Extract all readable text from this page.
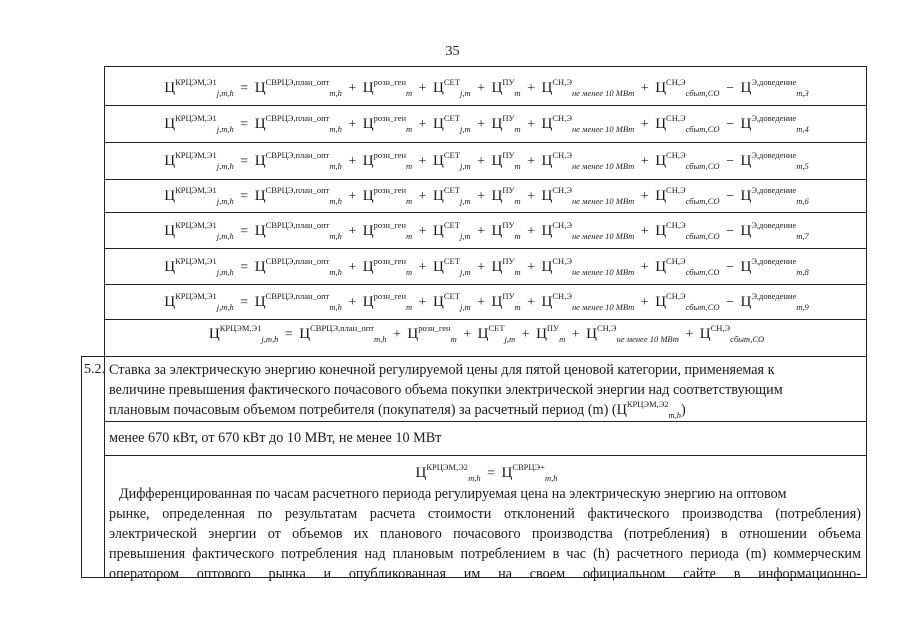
35
$Ц^{КРЦЭМ,Э1}_{j,m,h} = Ц^{СВРЦЭ,план\_опт}_{m,h} + Ц^{розн\_ген}_m + Ц^{СЕТ}_{j,m} + Ц^{ПУ}_m + Ц^{СН,Э}_{не менее 10 МВт} + Ц^{СН,Э}_{сбыт,СО} - Ц^{Э,доведение}_{m,3}$
$Ц^{КРЦЭМ,Э1}_{j,m,h} = Ц^{СВРЦЭ,план\_опт}_{m,h} + Ц^{розн\_ген}_m + Ц^{СЕТ}_{j,m} + Ц^{ПУ}_m + Ц^{СН,Э}_{не менее 10 МВт} + Ц^{СН,Э}_{сбыт,СО} - Ц^{Э,доведение}_{m,4}$
$Ц^{КРЦЭМ,Э1}_{j,m,h} = Ц^{СВРЦЭ,план\_опт}_{m,h} + Ц^{розн\_ген}_m + Ц^{СЕТ}_{j,m} + Ц^{ПУ}_m + Ц^{СН,Э}_{не менее 10 МВт} + Ц^{СН,Э}_{сбыт,СО} - Ц^{Э,доведение}_{m,5}$
$Ц^{КРЦЭМ,Э1}_{j,m,h} = Ц^{СВРЦЭ,план\_опт}_{m,h} + Ц^{розн\_ген}_m + Ц^{СЕТ}_{j,m} + Ц^{ПУ}_m + Ц^{СН,Э}_{не менее 10 МВт} + Ц^{СН,Э}_{сбыт,СО} - Ц^{Э,доведение}_{m,6}$
$Ц^{КРЦЭМ,Э1}_{j,m,h} = Ц^{СВРЦЭ,план\_опт}_{m,h} + Ц^{розн\_ген}_m + Ц^{СЕТ}_{j,m} + Ц^{ПУ}_m + Ц^{СН,Э}_{не менее 10 МВт} + Ц^{СН,Э}_{сбыт,СО} - Ц^{Э,доведение}_{m,7}$
$Ц^{КРЦЭМ,Э1}_{j,m,h} = Ц^{СВРЦЭ,план\_опт}_{m,h} + Ц^{розн\_ген}_m + Ц^{СЕТ}_{j,m} + Ц^{ПУ}_m + Ц^{СН,Э}_{не менее 10 МВт} + Ц^{СН,Э}_{сбыт,СО} - Ц^{Э,доведение}_{m,8}$
$Ц^{КРЦЭМ,Э1}_{j,m,h} = Ц^{СВРЦЭ,план\_опт}_{m,h} + Ц^{розн\_ген}_m + Ц^{СЕТ}_{j,m} + Ц^{ПУ}_m + Ц^{СН,Э}_{не менее 10 МВт} + Ц^{СН,Э}_{сбыт,СО} - Ц^{Э,доведение}_{m,9}$
$Ц^{КРЦЭМ,Э1}_{j,m,h} = Ц^{СВРЦЭ,план\_опт}_{m,h} + Ц^{розн\_ген}_m + Ц^{СЕТ}_{j,m} + Ц^{ПУ}_m + Ц^{СН,Э}_{не менее 10 МВт} + Ц^{СН,Э}_{сбыт,СО}$
5.2. Ставка за электрическую энергию конечной регулируемой цены для пятой ценовой категории, применяемая к
величине превышения фактического почасового объема покупки электрической энергии над соответствующим
плановым почасовым объемом потребителя (покупателя) за расчетный период (m) $(Ц^{КРЦЭМ,Э2}_{m,h})$
менее 670 кВт, от 670 кВт до 10 МВт, не менее 10 МВт
$Ц^{КРЦЭМ,Э2}_{m,h} = Ц^{СВРЦЭ+}_{m,h}$
Дифференцированная по часам расчетного периода регулируемая цена на электрическую энергию на оптовом
рынке, определенная по результатам расчета стоимости отклонений фактического производства (потребления)
электрической энергии от объемов их планового почасового производства (потребления) в отношении объема
превышения фактического потребления над плановым потреблением в час (h) расчетного периода (m) коммерческим
оператором оптового рынка и опубликованная им на своем официальном сайте в информационно-
